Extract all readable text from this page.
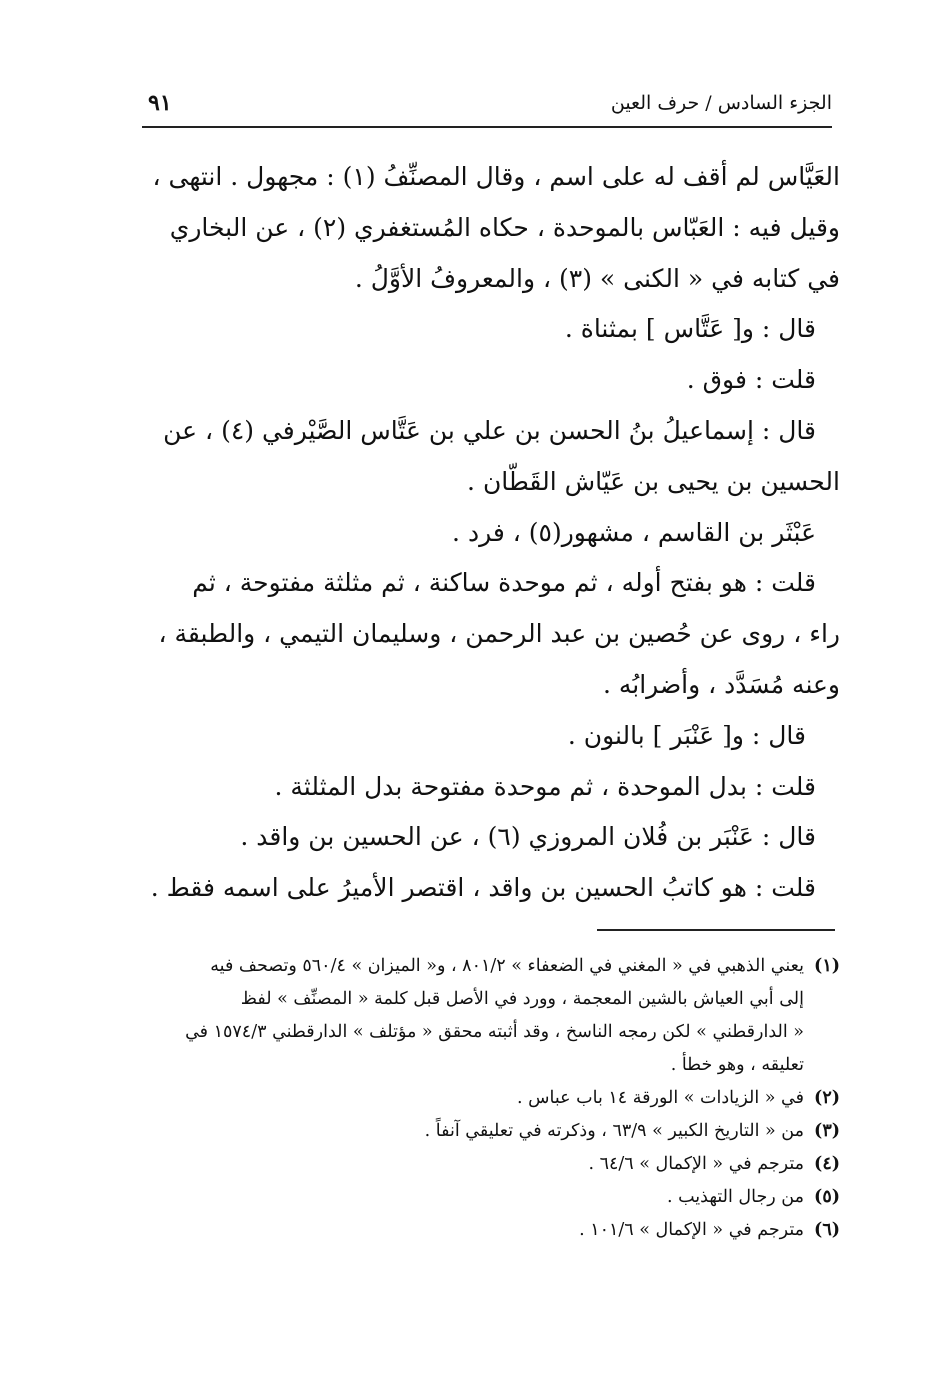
الجزء السادس / حرف العين
٩١

العَيَّاس لم أقف له على اسم ، وقال المصنِّفُ (١) : مجهول . انتهى ،

وقيل فيه : العَبّاس بالموحدة ، حكاه المُستغفري (٢) ، عن البخاري

في كتابه في « الكنى » (٣) ، والمعروفُ الأوَّلُ .

قال : و[ عَتَّاس ] بمثناة .

قلت : فوق .

قال : إسماعيلُ بنُ الحسن بن علي بن عَتَّاس الصَّيْرفي (٤) ، عن

الحسين بن يحيى بن عَيّاش القَطّان .

عَبْثَر بن القاسم ، مشهور(٥) ، فرد .

قلت : هو بفتح أوله ، ثم موحدة ساكنة ، ثم مثلثة مفتوحة ، ثم

راء ، روى عن حُصين بن عبد الرحمن ، وسليمان التيمي ، والطبقة ،

وعنه مُسَدَّد ، وأضرابُه .

قال : و[ عَنْبَر ] بالنون .

قلت : بدل الموحدة ، ثم موحدة مفتوحة بدل المثلثة .

قال : عَنْبَر بن فُلان المروزي (٦) ، عن الحسين بن واقد .

قلت : هو كاتبُ الحسين بن واقد ، اقتصر الأميرُ على اسمه فقط .

(١)
يعني الذهبي في « المغني في الضعفاء » ٨٠١/٢ ، و« الميزان » ٥٦٠/٤ وتصحف فيه
إلى أبي العياش بالشين المعجمة ، وورد في الأصل قبل كلمة « المصنِّف » لفظ
« الدارقطني » لكن رمجه الناسخ ، وقد أثبته محقق « مؤتلف » الدارقطني ١٥٧٤/٣ في
تعليقه ، وهو خطأ .
(٢)
في « الزيادات » الورقة ١٤ باب عباس .
(٣)
من « التاريخ الكبير » ٦٣/٩ ، وذكرته في تعليقي آنفاً .
(٤)
مترجم في « الإكمال » ٦٤/٦ .
(٥)
من رجال التهذيب .
(٦)
مترجم في « الإكمال » ١٠١/٦ .
